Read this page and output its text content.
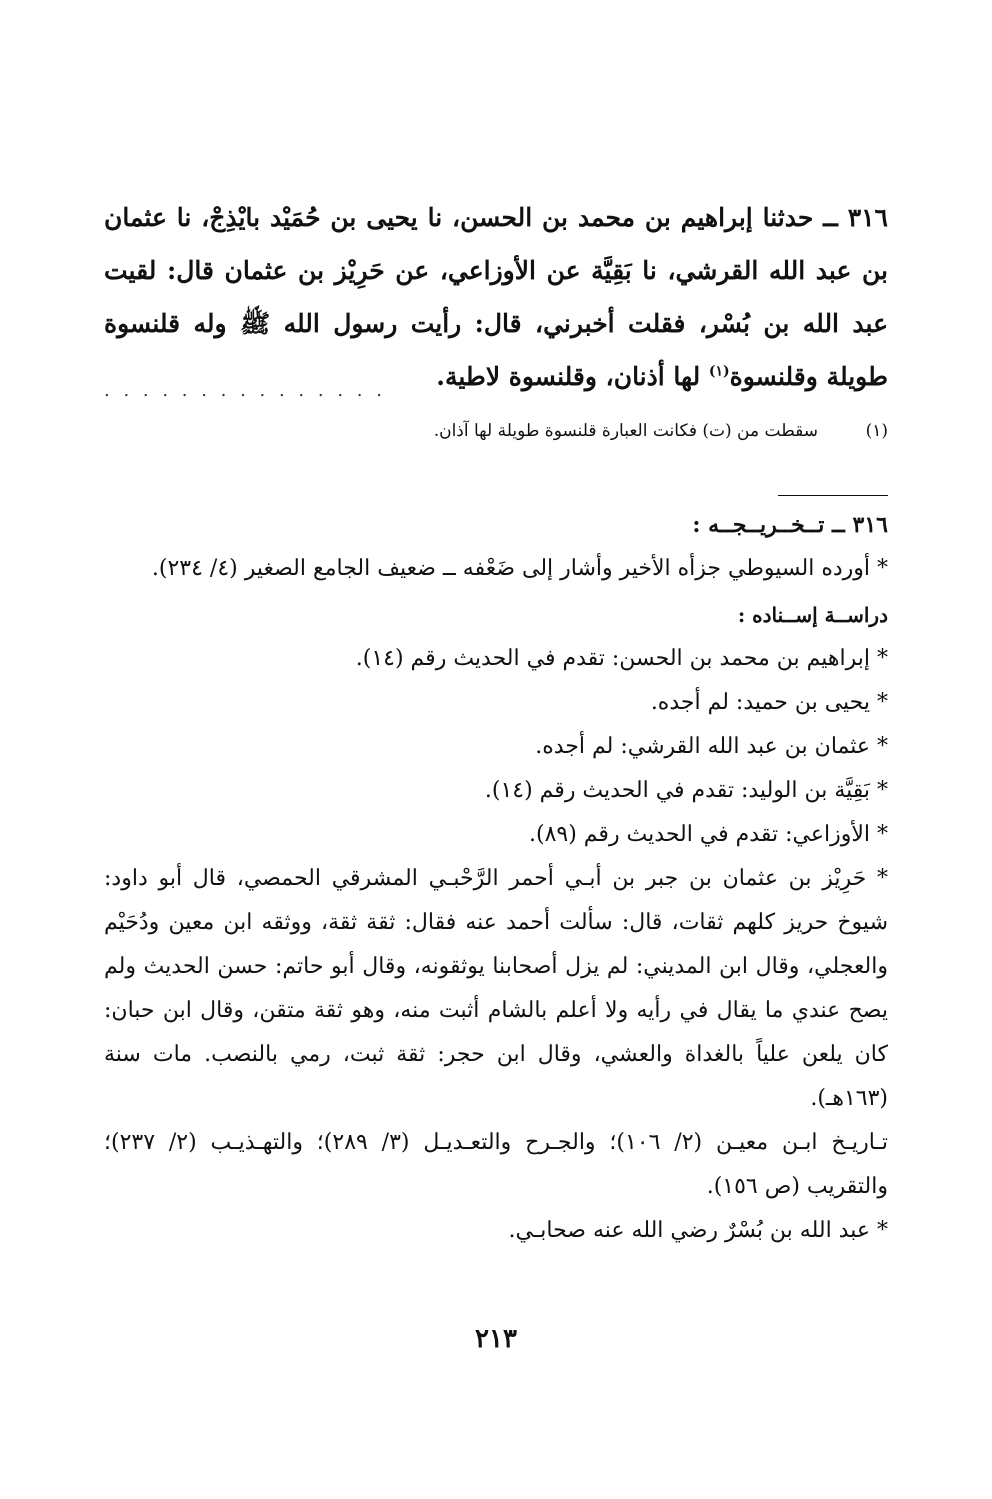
٣١٦ ــ حدثنا إبراهيم بن محمد بن الحسن، نا يحيى بن حُمَيْد بايْذِجْ، نا عثمان بن عبد الله القرشي، نا بَقِيَّة عن الأوزاعي، عن حَرِيْز بن عثمان قال: لقيت عبد الله بن بُسْر، فقلت أخبرني، قال: رأيت رسول الله ﷺ وله قلنسوة طويلة وقلنسوة$^{(١)}$ لها أذنان، وقلنسوة لاطية.

. . . . . . . . . . . . . . .
(١)سقطت من (ت) فكانت العبارة قلنسوة طويلة لها آذان.
٣١٦ ــ تــخــريــجــه :

* أورده السيوطي جزأه الأخير وأشار إلى ضَعْفه ــ ضعيف الجامع الصغير (٤/ ٢٣٤).

دراســة إســناده :

* إبراهيم بن محمد بن الحسن: تقدم في الحديث رقم (١٤).

* يحيى بن حميد: لم أجده.

* عثمان بن عبد الله القرشي: لم أجده.

* بَقِيَّة بن الوليد: تقدم في الحديث رقم (١٤).

* الأوزاعي: تقدم في الحديث رقم (٨٩).

* حَرِيْز بن عثمان بن جبر بن أبـي أحمر الرَّحْبـي المشرقي الحمصي، قال أبو داود: شيوخ حريز كلهم ثقات، قال: سألت أحمد عنه فقال: ثقة ثقة، ووثقه ابن معين ودُحَيْم والعجلي، وقال ابن المديني: لم يزل أصحابنا يوثقونه، وقال أبو حاتم: حسن الحديث ولم يصح عندي ما يقال في رأيه ولا أعلم بالشام أثبت منه، وهو ثقة متقن، وقال ابن حبان: كان يلعن علياً بالغداة والعشي، وقال ابن حجر: ثقة ثبت، رمي بالنصب. مات سنة (١٦٣هـ).

تـاريـخ ابـن معيـن (٢/ ١٠٦)؛ والجـرح والتعـديـل (٣/ ٢٨٩)؛ والتهـذيـب (٢/ ٢٣٧)؛ والتقريب (ص ١٥٦).

* عبد الله بن بُسْرٌ رضي الله عنه صحابـي.

٢١٣
